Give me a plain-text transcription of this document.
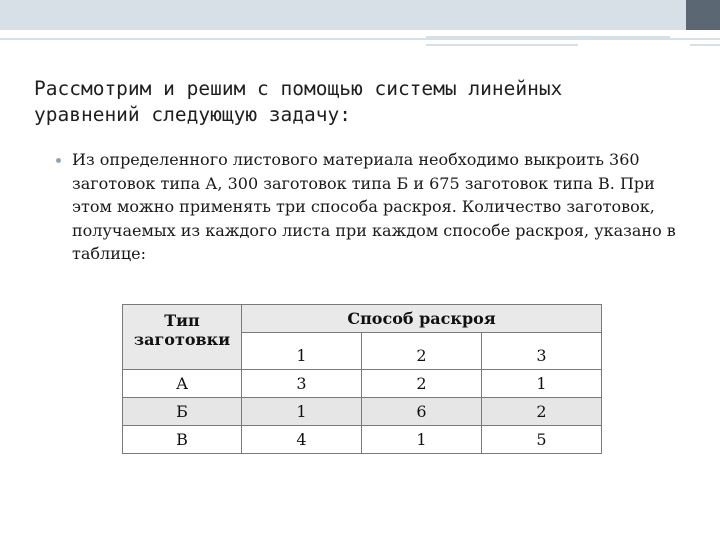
Рассмотрим и решим с помощью системы линейных уравнений следующую задачу:
Из определенного листового материала необходимо выкроить 360 заготовок типа А, 300 заготовок типа Б и 675 заготовок типа В. При этом можно применять три способа раскроя. Количество заготовок, получаемых из каждого листа при каждом способе раскроя, указано в таблице:
Тип заготовки	Способ раскроя		
	1	2	3
А	3	2	1
Б	1	6	2
В	4	1	5
